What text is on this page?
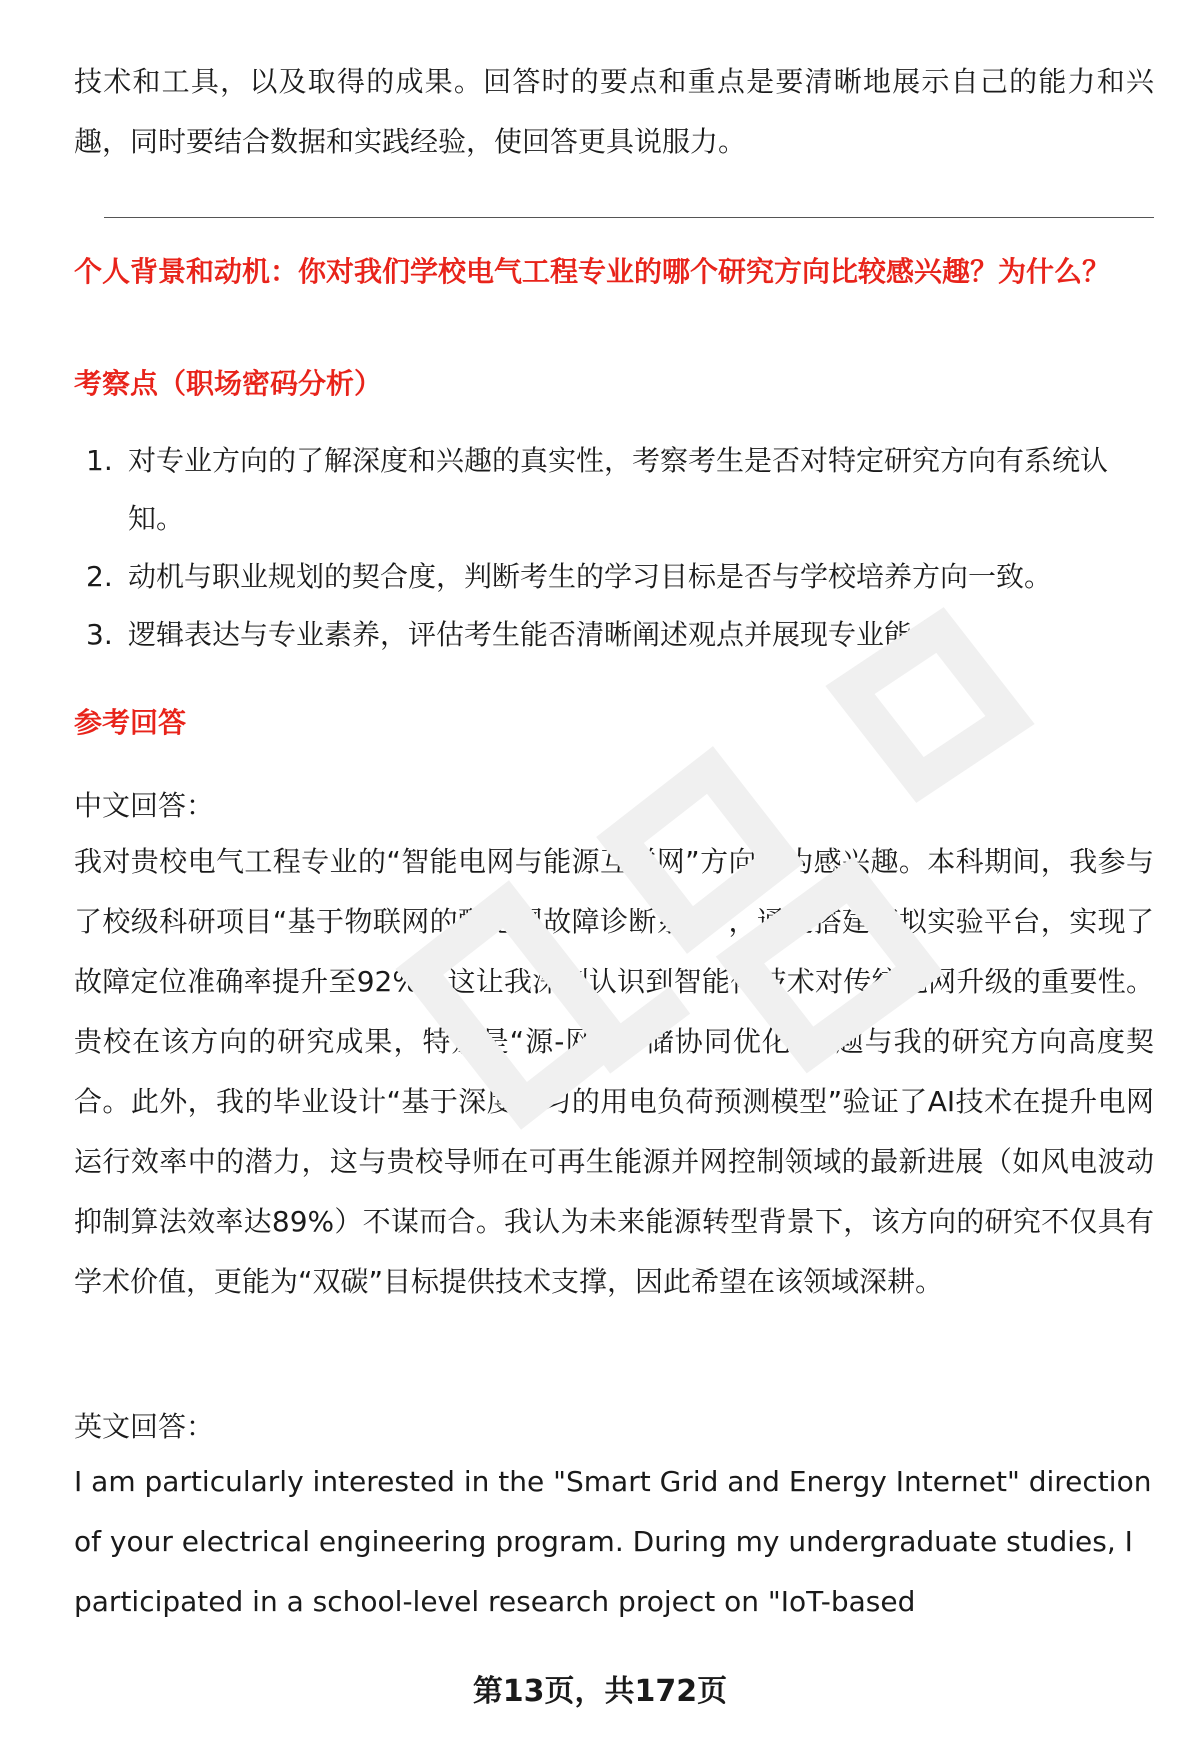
技术和工具，以及取得的成果。回答时的要点和重点是要清晰地展示自己的能力和兴趣，同时要结合数据和实践经验，使回答更具说服力。

个人背景和动机：你对我们学校电气工程专业的哪个研究方向比较感兴趣？为什么？

考察点（职场密码分析）

1. 对专业方向的了解深度和兴趣的真实性，考察考生是否对特定研究方向有系统认知。
2. 动机与职业规划的契合度，判断考生的学习目标是否与学校培养方向一致。
3. 逻辑表达与专业素养，评估考生能否清晰阐述观点并展现专业能力。

参考回答

中文回答：

我对贵校电气工程专业的“智能电网与能源互联网”方向尤为感兴趣。本科期间，我参与了校级科研项目“基于物联网的配电网故障诊断系统”，通过搭建模拟实验平台，实现了故障定位准确率提升至92%，这让我深刻认识到智能化技术对传统电网升级的重要性。贵校在该方向的研究成果，特别是“源-网-荷-储协同优化”课题与我的研究方向高度契合。此外，我的毕业设计“基于深度学习的用电负荷预测模型”验证了AI技术在提升电网运行效率中的潜力，这与贵校导师在可再生能源并网控制领域的最新进展（如风电波动抑制算法效率达89%）不谋而合。我认为未来能源转型背景下，该方向的研究不仅具有学术价值，更能为“双碳”目标提供技术支撑，因此希望在该领域深耕。

英文回答：

I am particularly interested in the "Smart Grid and Energy Internet" direction of your electrical engineering program. During my undergraduate studies, I participated in a school-level research project on "IoT-based

第13页，共172页
